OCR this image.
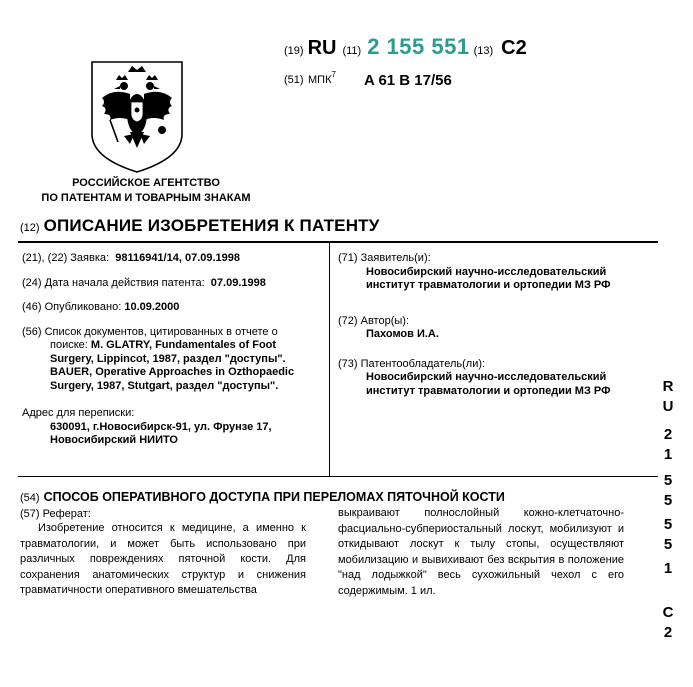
РОССИЙСКОЕ АГЕНТСТВО
ПО ПАТЕНТАМ И ТОВАРНЫМ ЗНАКАМ
(19) RU (11) 2 155 551 (13) C2
(51) МПК$^7$ A 61 B 17/56
(12) ОПИСАНИЕ ИЗОБРЕТЕНИЯ К ПАТЕНТУ
(21), (22) Заявка: 98116941/14, 07.09.1998
(24) Дата начала действия патента: 07.09.1998
(46) Опубликовано: 10.09.2000
(56) Список документов, цитированных в отчете о
поиске: M. GLATRY, Fundamentales of Foot
Surgery, Lippincot, 1987, раздел "доступы".
BAUER, Operative Approaches in Ozthopaedic
Surgery, 1987, Stutgart, раздел "доступы".
Адрес для переписки:
630091, г.Новосибирск-91, ул. Фрунзе 17,
Новосибирский НИИТО
(71) Заявитель(и):
Новосибирский научно-исследовательский
институт травматологии и ортопедии МЗ РФ
(72) Автор(ы):
Пахомов И.А.
(73) Патентообладатель(ли):
Новосибирский научно-исследовательский
институт травматологии и ортопедии МЗ РФ
(54) СПОСОБ ОПЕРАТИВНОГО ДОСТУПА ПРИ ПЕРЕЛОМАХ ПЯТОЧНОЙ КОСТИ
(57) Реферат:
Изобретение относится к медицине, а именно к травматологии, и может быть использовано при различных повреждениях пяточной кости. Для сохранения анатомических структур и снижения травматичности оперативного вмешательства
выкраивают полнослойный кожно-клетчаточно-фасциально-субпериостальный лоскут, мобилизуют и откидывают лоскут к тылу стопы, осуществляют мобилизацию и вывихивают без вскрытия в положение "над лодыжкой" весь сухожильный чехол с его содержимым. 1 ил.
R
U
2
1
5
5
5
5
1
C
2
